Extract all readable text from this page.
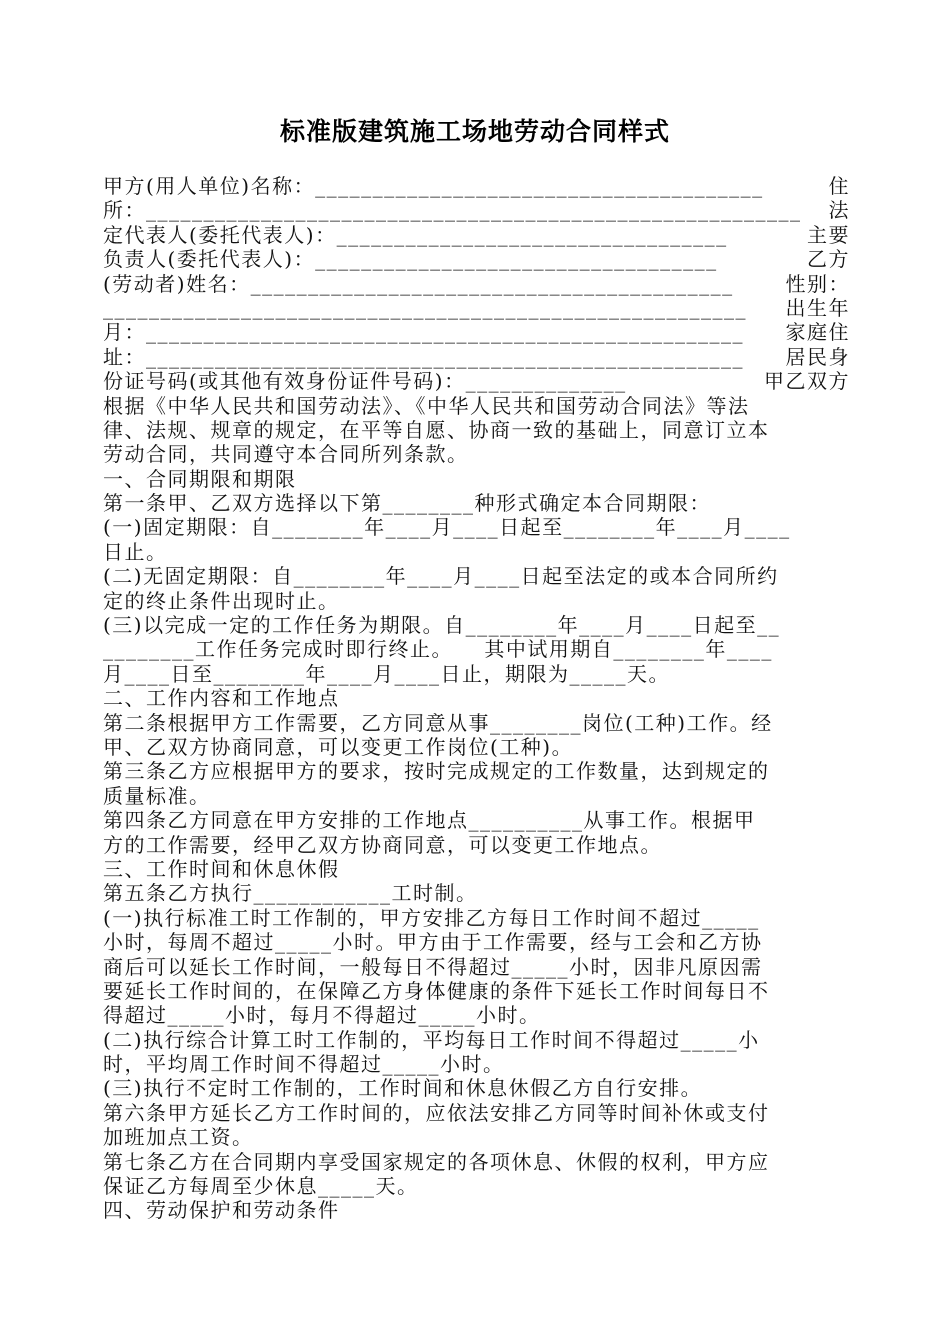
标准版建筑施工场地劳动合同样式
甲方(用人单位)名称：_______________________________________	住
所：_________________________________________________________ 法
定代表人(委托代表人)：__________________________________	主要
负责人(委托代表人)：___________________________________	乙方
(劳动者)姓名：__________________________________________	性别：
________________________________________________________ 出生年
月：____________________________________________________ 家庭住
址：____________________________________________________ 居民身
份证号码(或其他有效身份证件号码)：______________	甲乙双方
根据《中华人民共和国劳动法》、《中华人民共和国劳动合同法》等法
律、法规、规章的规定，在平等自愿、协商一致的基础上，同意订立本
劳动合同，共同遵守本合同所列条款。
一、合同期限和期限
第一条甲、乙双方选择以下第________种形式确定本合同期限：
(一)固定期限：自________年____月____日起至________年____月____
日止。
(二)无固定期限：自________年____月____日起至法定的或本合同所约
定的终止条件出现时止。
(三)以完成一定的工作任务为期限。自________年____月____日起至__
________工作任务完成时即行终止。    其中试用期自________年____
月____日至________年____月____日止，期限为_____天。
二、工作内容和工作地点
第二条根据甲方工作需要，乙方同意从事________岗位(工种)工作。经
甲、乙双方协商同意，可以变更工作岗位(工种)。
第三条乙方应根据甲方的要求，按时完成规定的工作数量，达到规定的
质量标准。
第四条乙方同意在甲方安排的工作地点__________从事工作。根据甲
方的工作需要，经甲乙双方协商同意，可以变更工作地点。
三、工作时间和休息休假
第五条乙方执行____________工时制。
(一)执行标准工时工作制的，甲方安排乙方每日工作时间不超过_____
小时，每周不超过_____小时。甲方由于工作需要，经与工会和乙方协
商后可以延长工作时间，一般每日不得超过_____小时，因非凡原因需
要延长工作时间的，在保障乙方身体健康的条件下延长工作时间每日不
得超过_____小时，每月不得超过_____小时。
(二)执行综合计算工时工作制的，平均每日工作时间不得超过_____小
时，平均周工作时间不得超过_____小时。
(三)执行不定时工作制的，工作时间和休息休假乙方自行安排。
第六条甲方延长乙方工作时间的，应依法安排乙方同等时间补休或支付
加班加点工资。
第七条乙方在合同期内享受国家规定的各项休息、休假的权利，甲方应
保证乙方每周至少休息_____天。
四、劳动保护和劳动条件
